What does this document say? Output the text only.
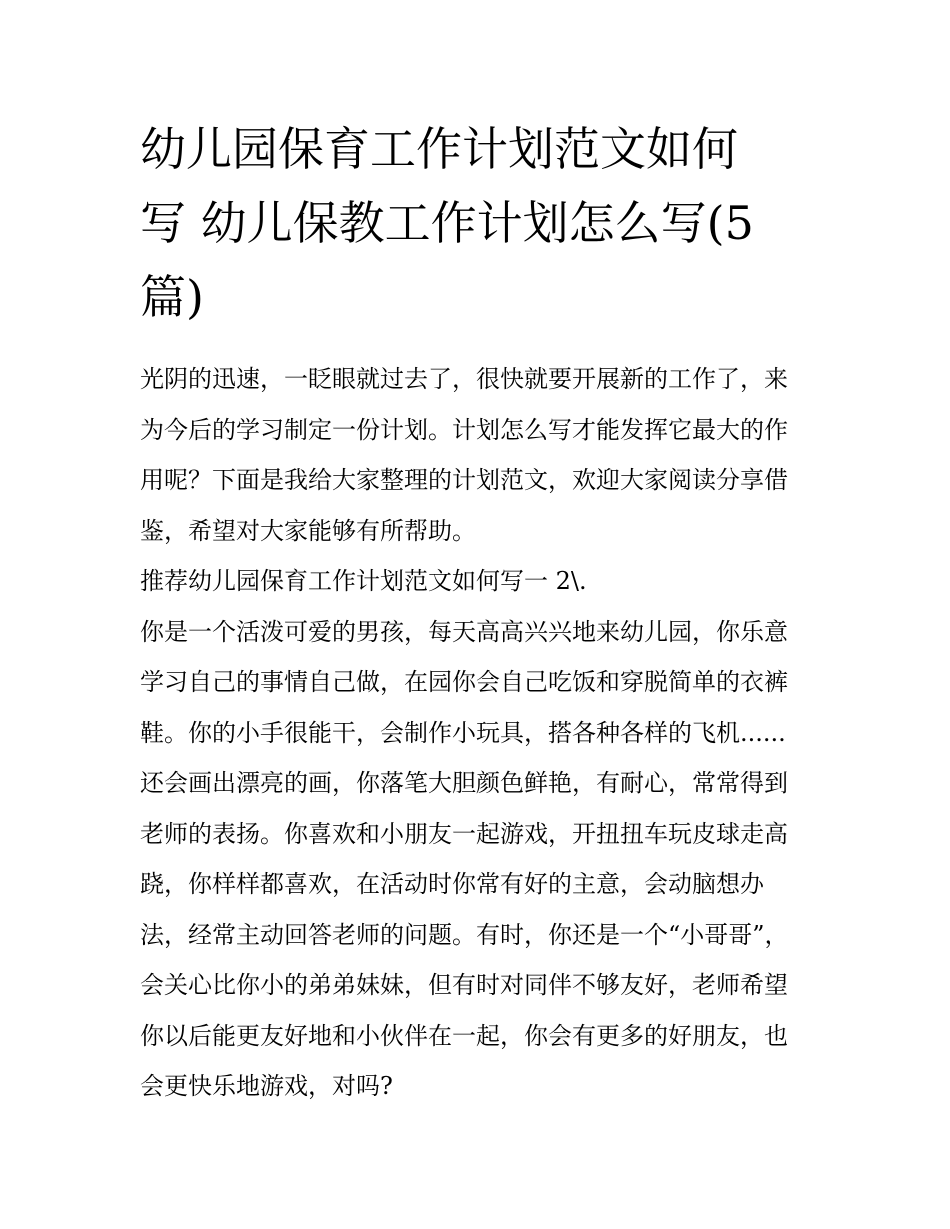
幼儿园保育工作计划范文如何
写 幼儿保教工作计划怎么写(5
篇)

光阴的迅速，一眨眼就过去了，很快就要开展新的工作了，来
为今后的学习制定一份计划。计划怎么写才能发挥它最大的作
用呢？下面是我给大家整理的计划范文，欢迎大家阅读分享借
鉴，希望对大家能够有所帮助。

推荐幼儿园保育工作计划范文如何写一 2\.

你是一个活泼可爱的男孩，每天高高兴兴地来幼儿园，你乐意
学习自己的事情自己做，在园你会自己吃饭和穿脱简单的衣裤
鞋。你的小手很能干，会制作小玩具，搭各种各样的飞机......
还会画出漂亮的画，你落笔大胆颜色鲜艳，有耐心，常常得到
老师的表扬。你喜欢和小朋友一起游戏，开扭扭车玩皮球走高
跷，你样样都喜欢，在活动时你常有好的主意，会动脑想办
法，经常主动回答老师的问题。有时，你还是一个“小哥哥”，
会关心比你小的弟弟妹妹，但有时对同伴不够友好，老师希望
你以后能更友好地和小伙伴在一起，你会有更多的好朋友，也
会更快乐地游戏，对吗?
